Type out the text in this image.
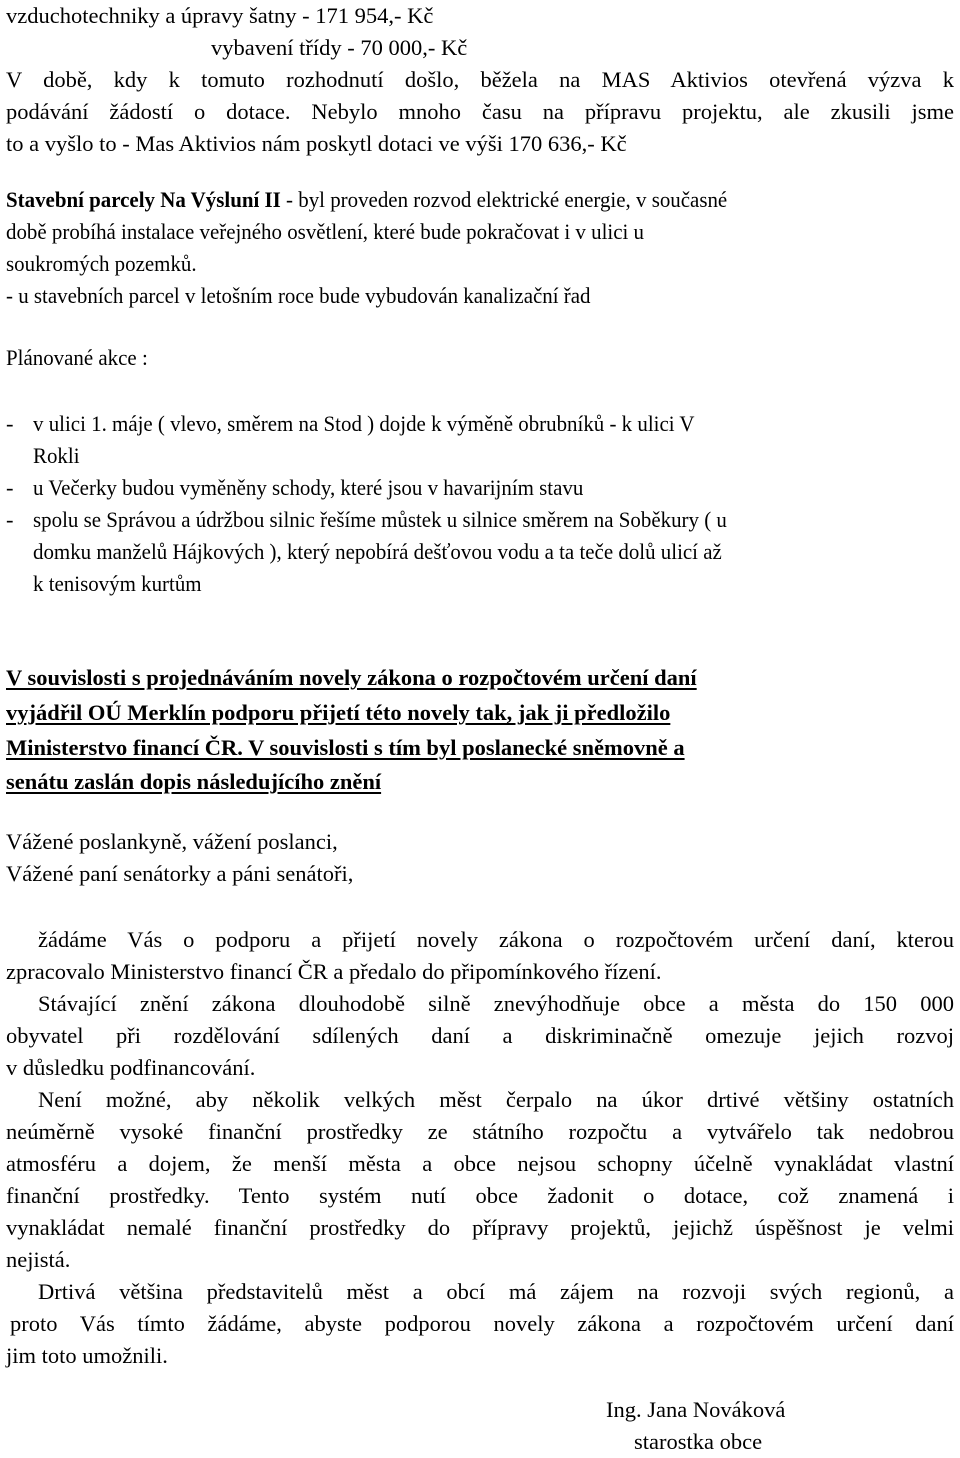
vzduchotechniky a úpravy šatny - 171 954,- Kč
vybavení třídy - 70 000,- Kč
V době, kdy k tomuto rozhodnutí došlo, běžela na MAS Aktivios otevřená výzva k
podávání žádostí o dotace. Nebylo mnoho času na přípravu projektu, ale zkusili jsme
to a vyšlo to - Mas Aktivios nám poskytl dotaci ve výši 170 636,- Kč
Stavební parcely Na Výsluní II - byl proveden rozvod elektrické energie, v současné
době probíhá instalace veřejného osvětlení, které bude pokračovat i v ulici u
soukromých pozemků.
- u stavebních parcel v letošním roce bude vybudován kanalizační řad
Plánované akce :
- v ulici 1. máje ( vlevo, směrem na Stod ) dojde k výměně obrubníků - k ulici V
Rokli
- u Večerky budou vyměněny schody, které jsou v havarijním stavu
- spolu se Správou a údržbou silnic řešíme můstek u silnice směrem na Soběkury ( u
domku manželů Hájkových ), který nepobírá dešťovou vodu a ta teče dolů ulicí až
k tenisovým kurtům
V souvislosti s projednáváním novely zákona o rozpočtovém určení daní
vyjádřil OÚ Merklín podporu přijetí této novely tak, jak ji předložilo
Ministerstvo financí ČR. V souvislosti s tím byl poslanecké sněmovně a
senátu zaslán dopis následujícího znění
Vážené poslankyně, vážení poslanci,
Vážené paní senátorky a páni senátoři,
žádáme Vás o podporu a přijetí novely zákona o rozpočtovém určení daní, kterou
zpracovalo Ministerstvo financí ČR a předalo do připomínkového řízení.
Stávající znění zákona dlouhodobě silně znevýhodňuje obce a města do 150 000
obyvatel při rozdělování sdílených daní a diskriminačně omezuje jejich rozvoj
v důsledku podfinancování.
Není možné, aby několik velkých měst čerpalo na úkor drtivé většiny ostatních
neúměrně vysoké finanční prostředky ze státního rozpočtu a vytvářelo tak nedobrou
atmosféru a dojem, že menší města a obce nejsou schopny účelně vynakládat vlastní
finanční prostředky. Tento systém nutí obce žadonit o dotace, což znamená i
vynakládat nemalé finanční prostředky do přípravy projektů, jejichž úspěšnost je velmi
nejistá.
Drtivá většina představitelů měst a obcí má zájem na rozvoji svých regionů, a
proto Vás tímto žádáme, abyste podporou novely zákona a rozpočtovém určení daní
jim toto umožnili.
Ing. Jana Nováková
starostka obce
